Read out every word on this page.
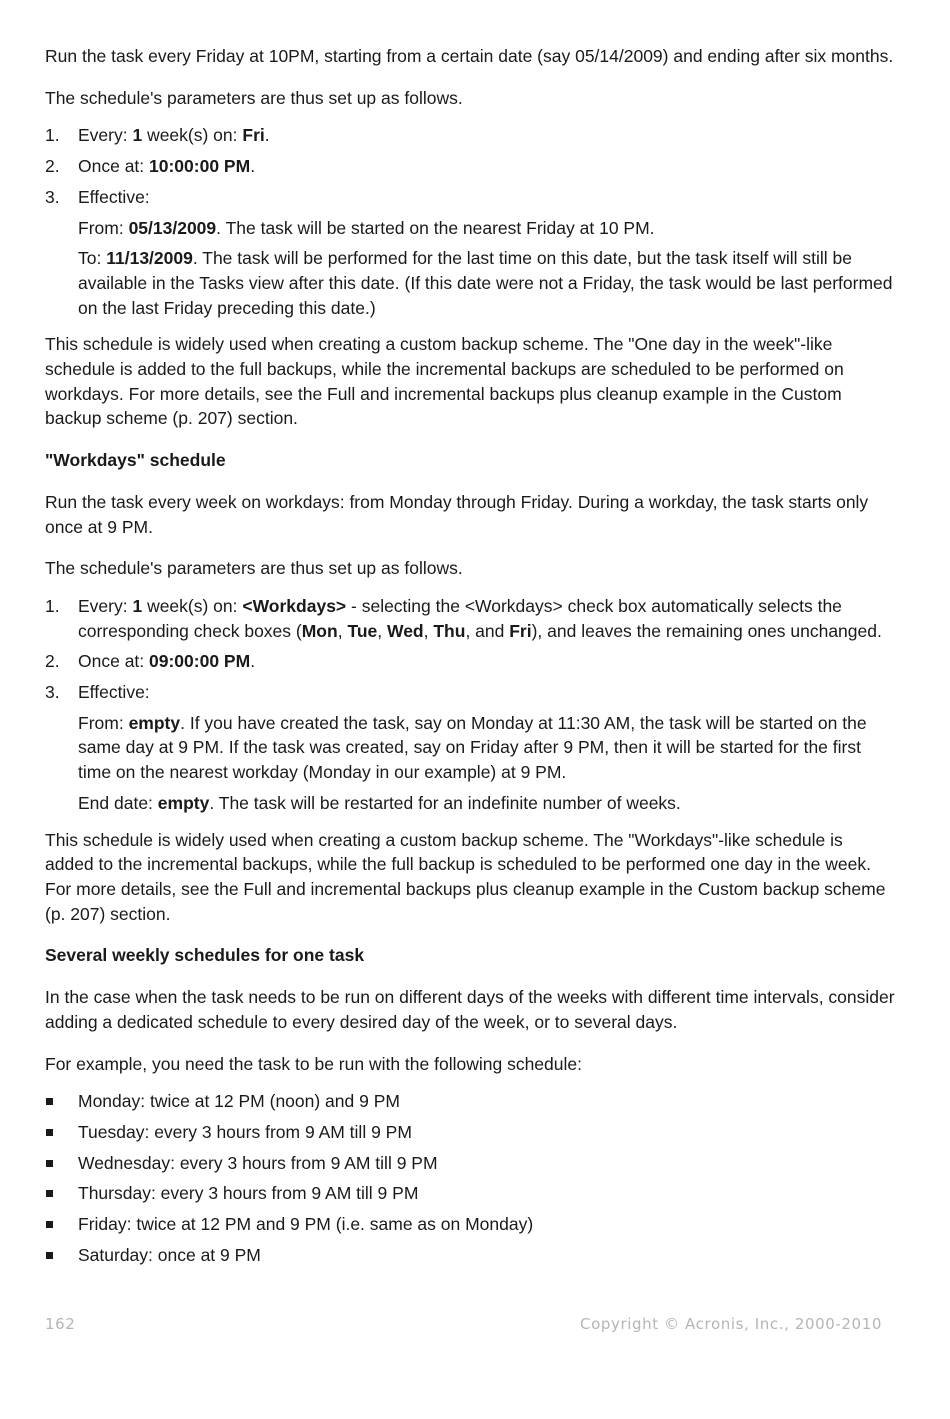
Run the task every Friday at 10PM, starting from a certain date (say 05/14/2009) and ending after six months.

The schedule's parameters are thus set up as follows.

1. Every: 1 week(s) on: Fri.
2. Once at: 10:00:00 PM.
3. Effective:
From: 05/13/2009. The task will be started on the nearest Friday at 10 PM.
To: 11/13/2009. The task will be performed for the last time on this date, but the task itself will still be available in the Tasks view after this date. (If this date were not a Friday, the task would be last performed on the last Friday preceding this date.)

This schedule is widely used when creating a custom backup scheme. The "One day in the week"-like schedule is added to the full backups, while the incremental backups are scheduled to be performed on workdays. For more details, see the Full and incremental backups plus cleanup example in the Custom backup scheme (p. 207) section.

"Workdays" schedule

Run the task every week on workdays: from Monday through Friday. During a workday, the task starts only once at 9 PM.

The schedule's parameters are thus set up as follows.

1. Every: 1 week(s) on: <Workdays> - selecting the <Workdays> check box automatically selects the corresponding check boxes (Mon, Tue, Wed, Thu, and Fri), and leaves the remaining ones unchanged.
2. Once at: 09:00:00 PM.
3. Effective:
From: empty. If you have created the task, say on Monday at 11:30 AM, the task will be started on the same day at 9 PM. If the task was created, say on Friday after 9 PM, then it will be started for the first time on the nearest workday (Monday in our example) at 9 PM.
End date: empty. The task will be restarted for an indefinite number of weeks.

This schedule is widely used when creating a custom backup scheme. The "Workdays"-like schedule is added to the incremental backups, while the full backup is scheduled to be performed one day in the week. For more details, see the Full and incremental backups plus cleanup example in the Custom backup scheme (p. 207) section.

Several weekly schedules for one task

In the case when the task needs to be run on different days of the weeks with different time intervals, consider adding a dedicated schedule to every desired day of the week, or to several days.

For example, you need the task to be run with the following schedule:

Monday: twice at 12 PM (noon) and 9 PM
Tuesday: every 3 hours from 9 AM till 9 PM
Wednesday: every 3 hours from 9 AM till 9 PM
Thursday: every 3 hours from 9 AM till 9 PM
Friday: twice at 12 PM and 9 PM (i.e. same as on Monday)
Saturday: once at 9 PM
162	Copyright © Acronis, Inc., 2000-2010
